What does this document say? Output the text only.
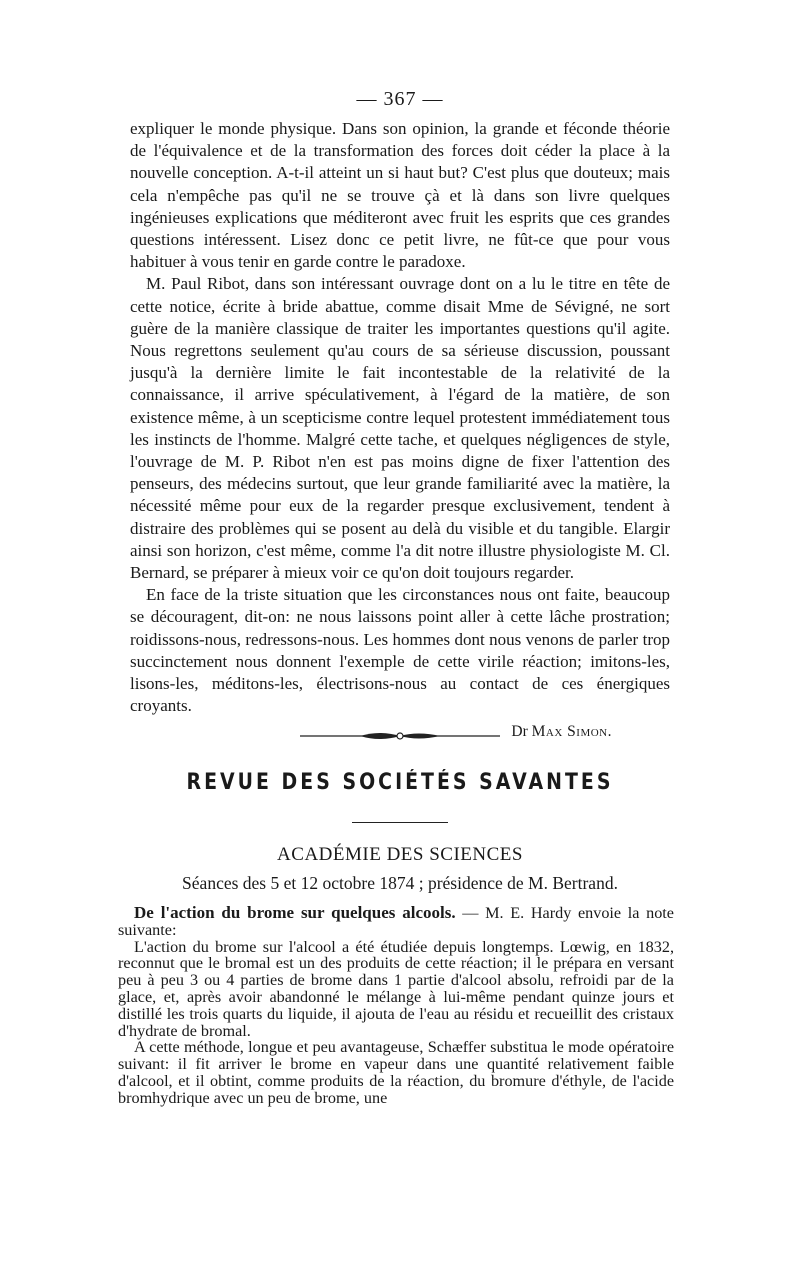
— 367 —

expliquer le monde physique. Dans son opinion, la grande et féconde théorie de l'équivalence et de la transformation des forces doit céder la place à la nouvelle conception. A-t-il atteint un si haut but? C'est plus que douteux; mais cela n'empêche pas qu'il ne se trouve çà et là dans son livre quelques ingénieuses explications que méditeront avec fruit les esprits que ces grandes questions intéressent. Lisez donc ce petit livre, ne fût-ce que pour vous habituer à vous tenir en garde contre le paradoxe.

M. Paul Ribot, dans son intéressant ouvrage dont on a lu le titre en tête de cette notice, écrite à bride abattue, comme disait Mme de Sévigné, ne sort guère de la manière classique de traiter les importantes questions qu'il agite. Nous regrettons seulement qu'au cours de sa sérieuse discussion, poussant jusqu'à la dernière limite le fait incontestable de la relativité de la connaissance, il arrive spéculativement, à l'égard de la matière, de son existence même, à un scepticisme contre lequel protestent immédiatement tous les instincts de l'homme. Malgré cette tache, et quelques négligences de style, l'ouvrage de M. P. Ribot n'en est pas moins digne de fixer l'attention des penseurs, des médecins surtout, que leur grande familiarité avec la matière, la nécessité même pour eux de la regarder presque exclusivement, tendent à distraire des problèmes qui se posent au delà du visible et du tangible. Elargir ainsi son horizon, c'est même, comme l'a dit notre illustre physiologiste M. Cl. Bernard, se préparer à mieux voir ce qu'on doit toujours regarder.

En face de la triste situation que les circonstances nous ont faite, beaucoup se découragent, dit-on: ne nous laissons point aller à cette lâche prostration; roidissons-nous, redressons-nous. Les hommes dont nous venons de parler trop succinctement nous donnent l'exemple de cette virile réaction; imitons-les, lisons-les, méditons-les, électrisons-nous au contact de ces énergiques croyants.

Dr Max Simon.
REVUE DES SOCIÉTÉS SAVANTES
ACADÉMIE DES SCIENCES
Séances des 5 et 12 octobre 1874 ; présidence de M. Bertrand.

De l'action du brome sur quelques alcools. — M. E. Hardy envoie la note suivante:

L'action du brome sur l'alcool a été étudiée depuis longtemps. Lœwig, en 1832, reconnut que le bromal est un des produits de cette réaction; il le prépara en versant peu à peu 3 ou 4 parties de brome dans 1 partie d'alcool absolu, refroidi par de la glace, et, après avoir abandonné le mélange à lui-même pendant quinze jours et distillé les trois quarts du liquide, il ajouta de l'eau au résidu et recueillit des cristaux d'hydrate de bromal.

A cette méthode, longue et peu avantageuse, Schæffer substitua le mode opératoire suivant: il fit arriver le brome en vapeur dans une quantité relativement faible d'alcool, et il obtint, comme produits de la réaction, du bromure d'éthyle, de l'acide bromhydrique avec un peu de brome, une
